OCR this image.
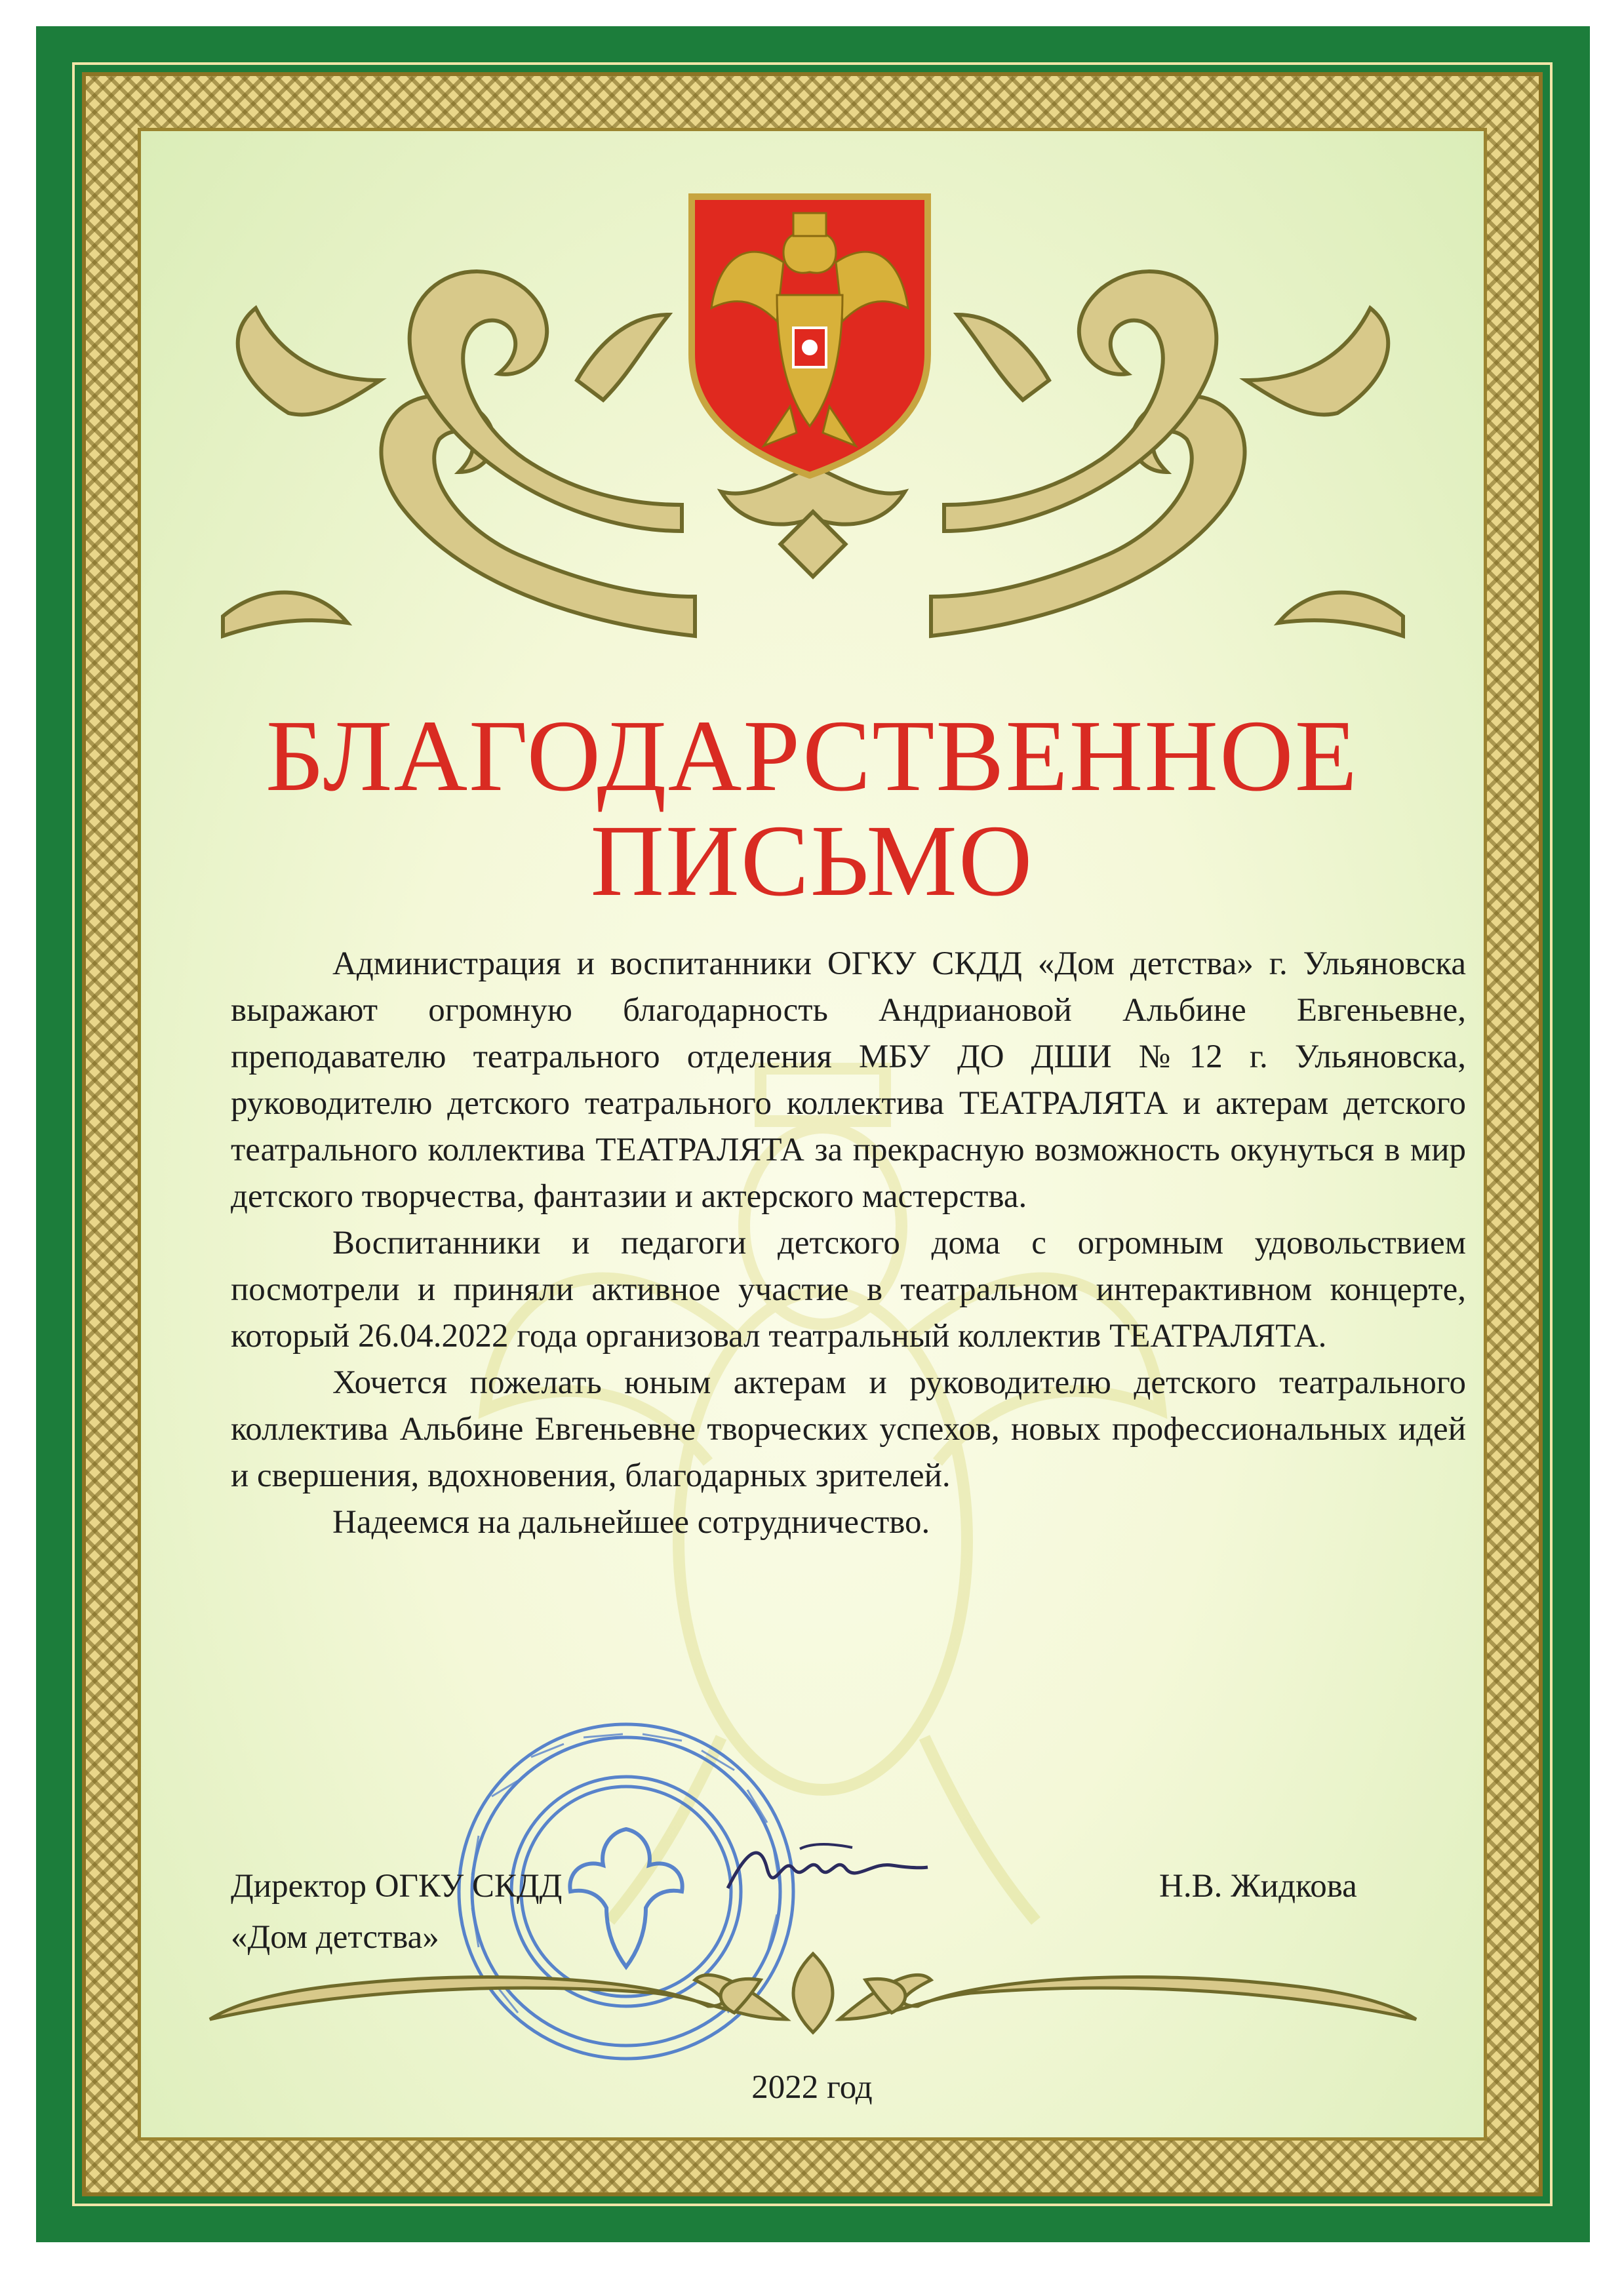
БЛАГОДАРСТВЕННОЕ
ПИСЬМО

Администрация и воспитанники ОГКУ СКДД «Дом детства» г. Ульяновска выражают огромную благодарность Андриановой Альбине Евгеньевне, преподавателю театрального отделения МБУ ДО ДШИ №12 г. Ульяновска, руководителю детского театрального коллектива ТЕАТРАЛЯТА и актерам детского театрального коллектива ТЕАТРАЛЯТА за прекрасную возможность окунуться в мир детского творчества, фантазии и актерского мастерства.

Воспитанники и педагоги детского дома с огромным удовольствием посмотрели и приняли активное участие в театральном интерактивном концерте, который 26.04.2022 года организовал театральный коллектив ТЕАТРАЛЯТА.

Хочется пожелать юным актерам и руководителю детского театрального коллектива Альбине Евгеньевне творческих успехов, новых профессиональных идей и свершения, вдохновения, благодарных зрителей.

Надеемся на дальнейшее сотрудничество.

Директор ОГКУ СКДД
«Дом детства»
Н.В. Жидкова
2022 год
